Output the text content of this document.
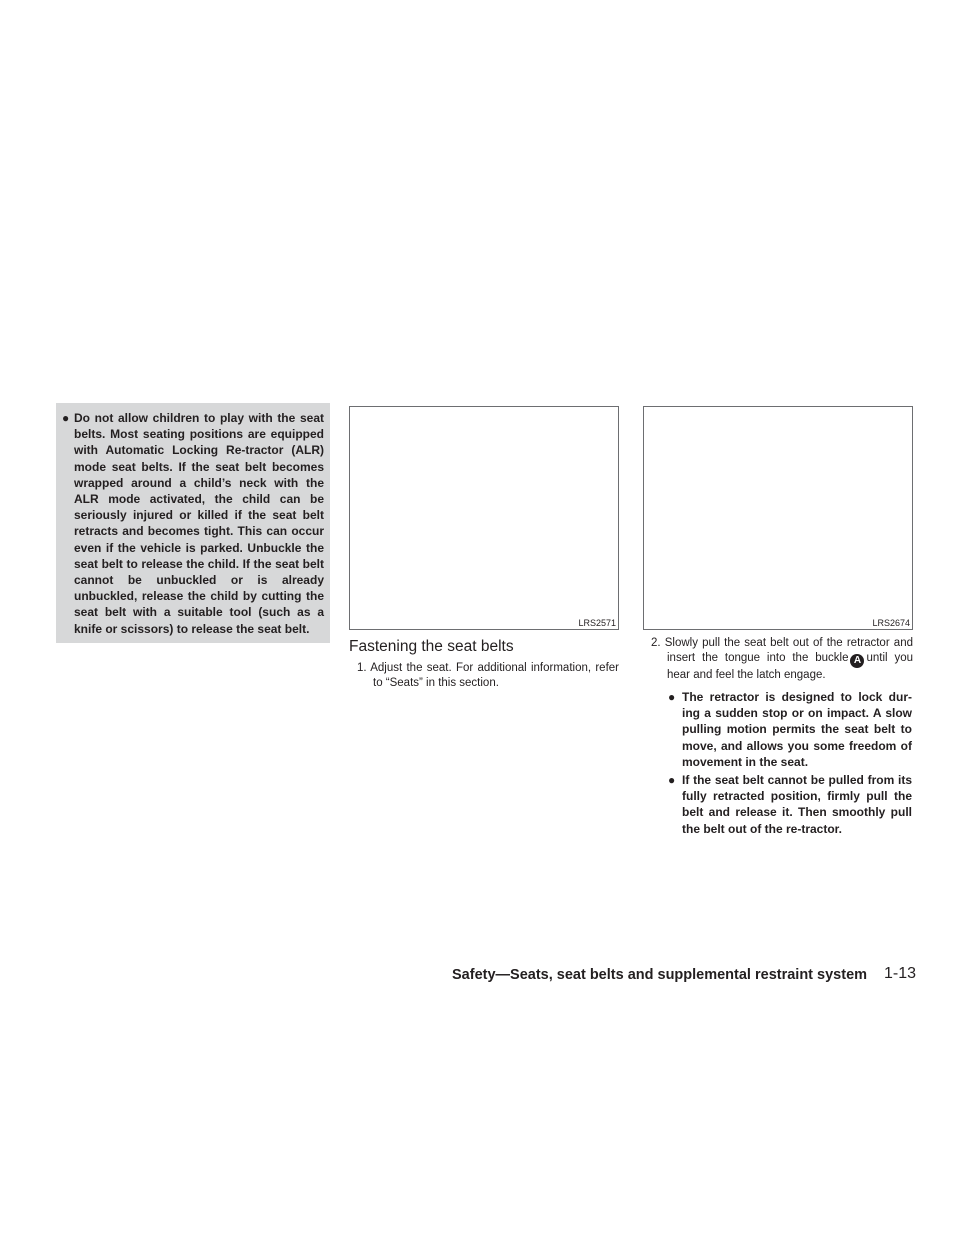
● Do not allow children to play with the seat belts. Most seating positions are equipped with Automatic Locking Re-tractor (ALR) mode seat belts. If the seat belt becomes wrapped around a child’s neck with the ALR mode activated, the child can be seriously injured or killed if the seat belt retracts and becomes tight. This can occur even if the vehicle is parked. Unbuckle the seat belt to release the child. If the seat belt cannot be unbuckled or is already unbuckled, release the child by cutting the seat belt with a suitable tool (such as a knife or scissors) to release the seat belt.	LRS2571	LRS2674
Fastening the seat belts
1. Adjust the seat. For additional information, refer to “Seats” in this section.
2. Slowly pull the seat belt out of the retractor and insert the tongue into the buckle A until you hear and feel the latch engage.
● The retractor is designed to lock dur-ing a sudden stop or on impact. A slow pulling motion permits the seat belt to move, and allows you some freedom of movement in the seat.
● If the seat belt cannot be pulled from its fully retracted position, firmly pull the belt and release it. Then smoothly pull the belt out of the re-tractor.
Safety—Seats, seat belts and supplemental restraint system 1-13
